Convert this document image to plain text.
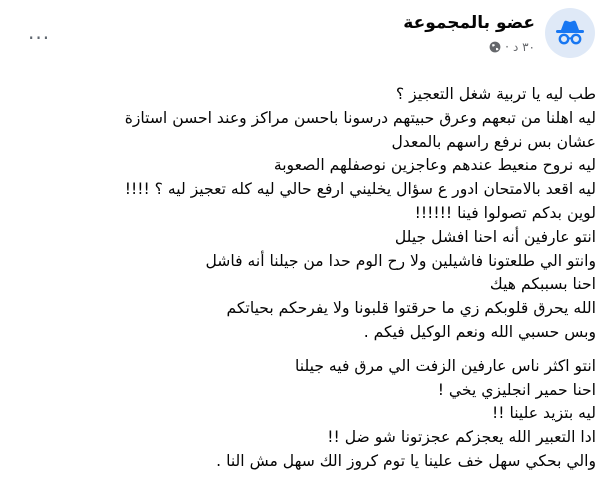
···
عضو بالمجموعة
٣٠ د
·
طب ليه يا تربية شغل التعجيز ؟
ليه اهلنا من تبعهم وعرق حبيتهم درسونا باحسن مراكز وعند احسن استازة
عشان بس نرفع راسهم بالمعدل
ليه نروح منعيط عندهم وعاجزين نوصفلهم الصعوبة
ليه اقعد بالامتحان ادور ع سؤال يخليني ارفع حالي ليه كله تعجيز ليه ؟ !!!!
لوين بدكم تصولوا فينا !!!!!!
انتو عارفين أنه احنا افشل جيلل
وانتو الي طلعتونا فاشيلين ولا رح الوم حدا من جيلنا أنه فاشل
احنا بسببكم هيك
الله يحرق قلوبكم زي ما حرقتوا قلبونا ولا يفرحكم بحياتكم
وبس حسبي الله ونعم الوكيل فيكم .
انتو اكثر ناس عارفين الزفت الي مرق فيه جيلنا
احنا حمير انجليزي يخي !
ليه بتزيد علينا !!
ادا التعبير الله يعجزكم عجزتونا شو ضل !!
والي بحكي سهل خف علينا يا توم كروز الك سهل مش النا .
